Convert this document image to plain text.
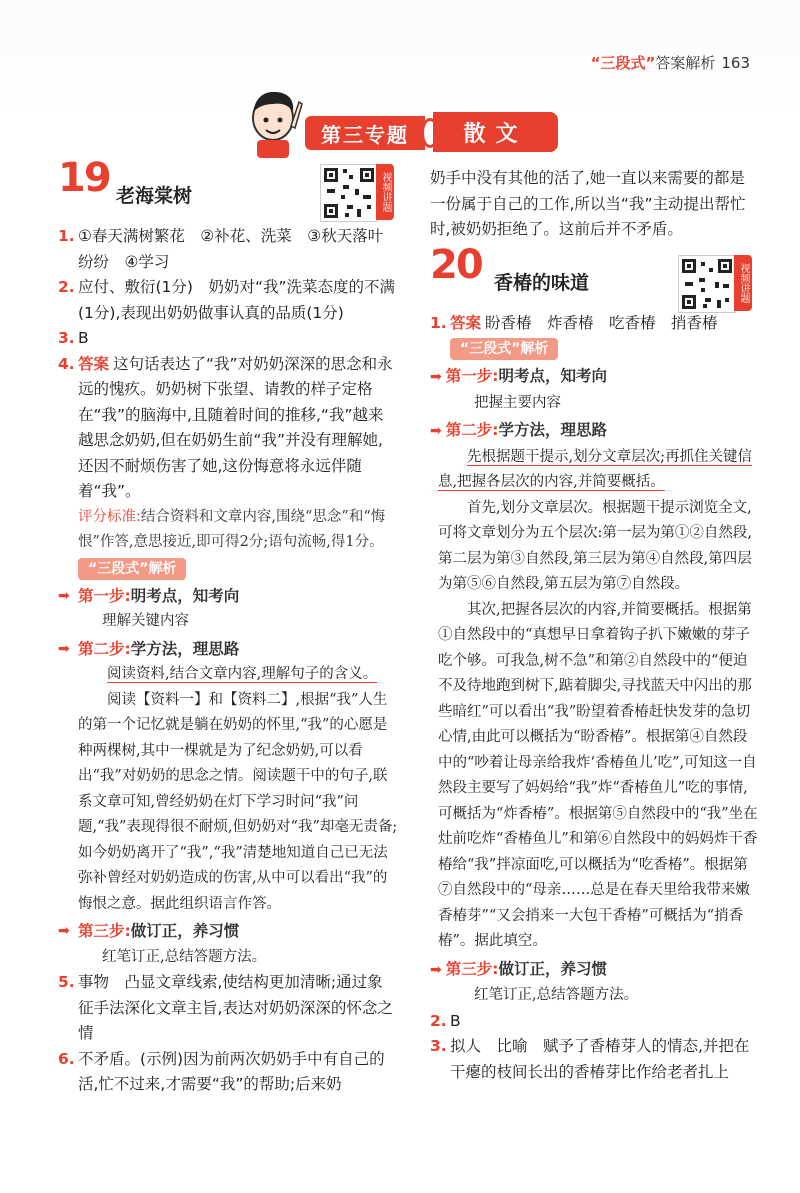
“三段式”答案解析 163
第三专题	散文
19 老海棠树	视频讲题
1. ①春天满树繁花　②补花、洗菜　③秋天落叶纷纷　④学习
2. 应付、敷衍(1分)　奶奶对“我”洗菜态度的不满(1分),表现出奶奶做事认真的品质(1分)
3. B
4. 答案 这句话表达了“我”对奶奶深深的思念和永远的愧疚。奶奶树下张望、请教的样子定格在“我”的脑海中,且随着时间的推移,“我”越来越思念奶奶,但在奶奶生前“我”并没有理解她,还因不耐烦伤害了她,这份悔意将永远伴随着“我”。
评分标准:结合资料和文章内容,围绕“思念”和“悔恨”作答,意思接近,即可得2分;语句流畅,得1分。
“三段式”解析
➡ 第一步:明考点，知考向
理解关键内容
➡ 第二步:学方法，理思路
阅读资料,结合文章内容,理解句子的含义。
阅读【资料一】和【资料二】,根据“我”人生的第一个记忆就是躺在奶奶的怀里,“我”的心愿是种两棵树,其中一棵就是为了纪念奶奶,可以看出“我”对奶奶的思念之情。阅读题干中的句子,联系文章可知,曾经奶奶在灯下学习时问“我”问题,“我”表现得很不耐烦,但奶奶对“我”却毫无责备;如今奶奶离开了“我”,“我”清楚地知道自己已无法弥补曾经对奶奶造成的伤害,从中可以看出“我”的悔恨之意。据此组织语言作答。
➡ 第三步:做订正，养习惯
红笔订正,总结答题方法。
5. 事物　凸显文章线索,使结构更加清晰;通过象征手法深化文章主旨,表达对奶奶深深的怀念之情
6. 不矛盾。(示例)因为前两次奶奶手中有自己的活,忙不过来,才需要“我”的帮助;后来奶
奶手中没有其他的活了,她一直以来需要的都是一份属于自己的工作,所以当“我”主动提出帮忙时,被奶奶拒绝了。这前后并不矛盾。
20 香椿的味道	视频讲题
1. 答案 盼香椿　炸香椿　吃香椿　捎香椿
“三段式”解析
➡ 第一步:明考点，知考向
把握主要内容
➡ 第二步:学方法，理思路
先根据题干提示,划分文章层次;再抓住关键信息,把握各层次的内容,并简要概括。
首先,划分文章层次。根据题干提示浏览全文,可将文章划分为五个层次:第一层为第①②自然段,第二层为第③自然段,第三层为第④自然段,第四层为第⑤⑥自然段,第五层为第⑦自然段。
其次,把握各层次的内容,并简要概括。根据第①自然段中的“真想早日拿着钩子扒下嫩嫩的芽子吃个够。可我急,树不急”和第②自然段中的“便迫不及待地跑到树下,踮着脚尖,寻找蓝天中闪出的那些暗红”可以看出“我”盼望着香椿赶快发芽的急切心情,由此可以概括为“盼香椿”。根据第④自然段中的“吵着让母亲给我炸‘香椿鱼儿’吃”,可知这一自然段主要写了妈妈给“我”炸“香椿鱼儿”吃的事情,可概括为“炸香椿”。根据第⑤自然段中的“我”坐在灶前吃炸“香椿鱼儿”和第⑥自然段中的妈妈炸干香椿给“我”拌凉面吃,可以概括为“吃香椿”。根据第⑦自然段中的“母亲……总是在春天里给我带来嫩香椿芽”“又会捎来一大包干香椿”可概括为“捎香椿”。据此填空。
➡ 第三步:做订正，养习惯
红笔订正,总结答题方法。
2. B
3. 拟人　比喻　赋予了香椿芽人的情态,并把在干瘪的枝间长出的香椿芽比作给老者扎上
